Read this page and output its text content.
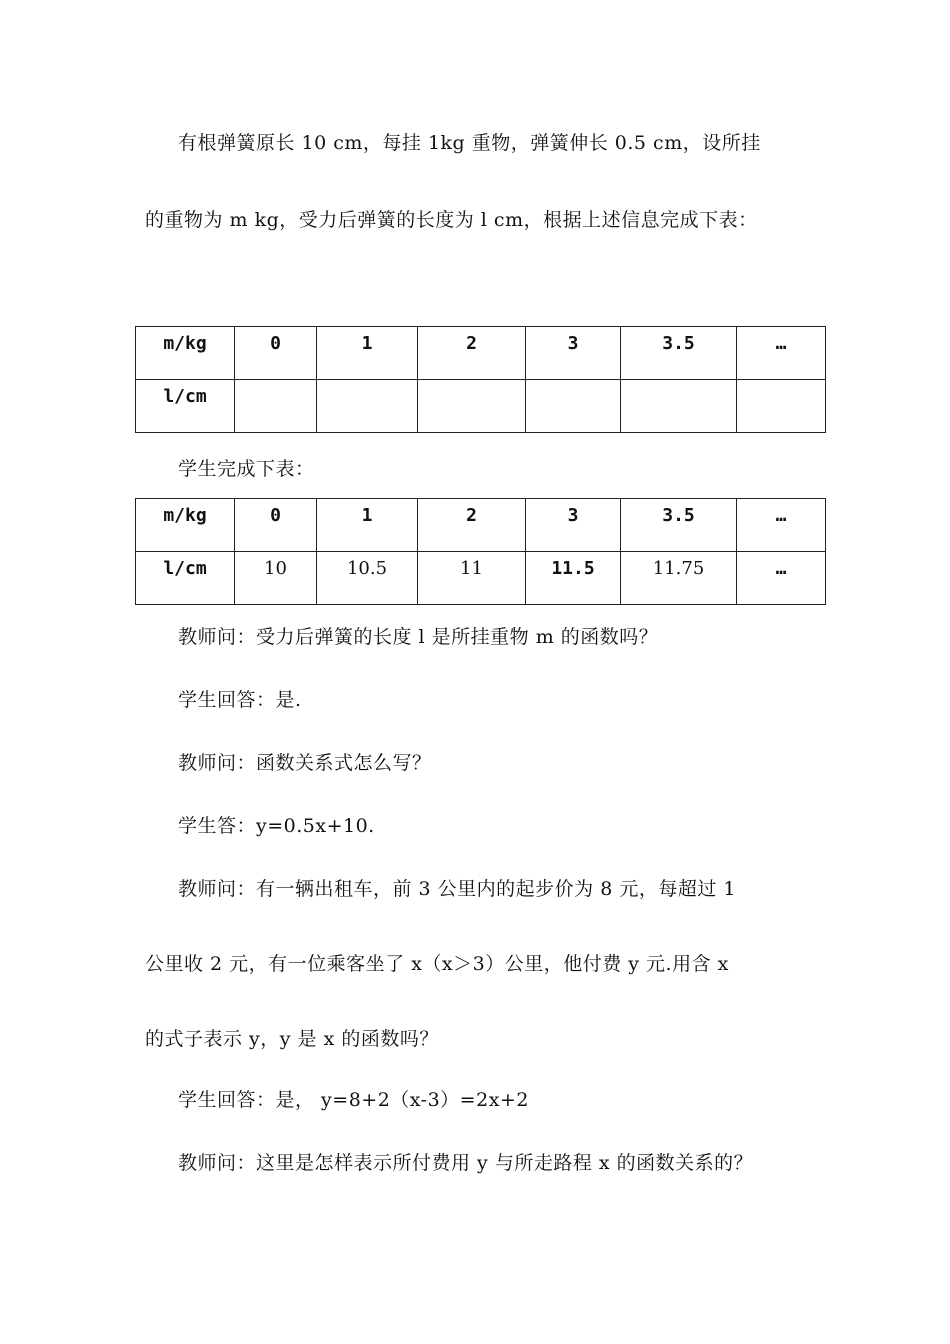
有根弹簧原长 10 cm，每挂 1kg 重物，弹簧伸长 0.5 cm，设所挂
的重物为 m kg，受力后弹簧的长度为 l cm，根据上述信息完成下表：
m/kg	0	1	2	3	3.5	…
l/cm						
学生完成下表：
m/kg	0	1	2	3	3.5	…
l/cm	10	10.5	11	11.5	11.75	…
教师问：受力后弹簧的长度 l 是所挂重物 m 的函数吗？
学生回答：是.
教师问：函数关系式怎么写？
学生答：y=0.5x+10.
教师问：有一辆出租车，前 3 公里内的起步价为 8 元，每超过 1
公里收 2 元，有一位乘客坐了 x（x＞3）公里，他付费 y 元.用含 x
的式子表示 y，y 是 x 的函数吗？
学生回答：是， y=8+2（x-3）=2x+2
教师问：这里是怎样表示所付费用 y 与所走路程 x 的函数关系的？
